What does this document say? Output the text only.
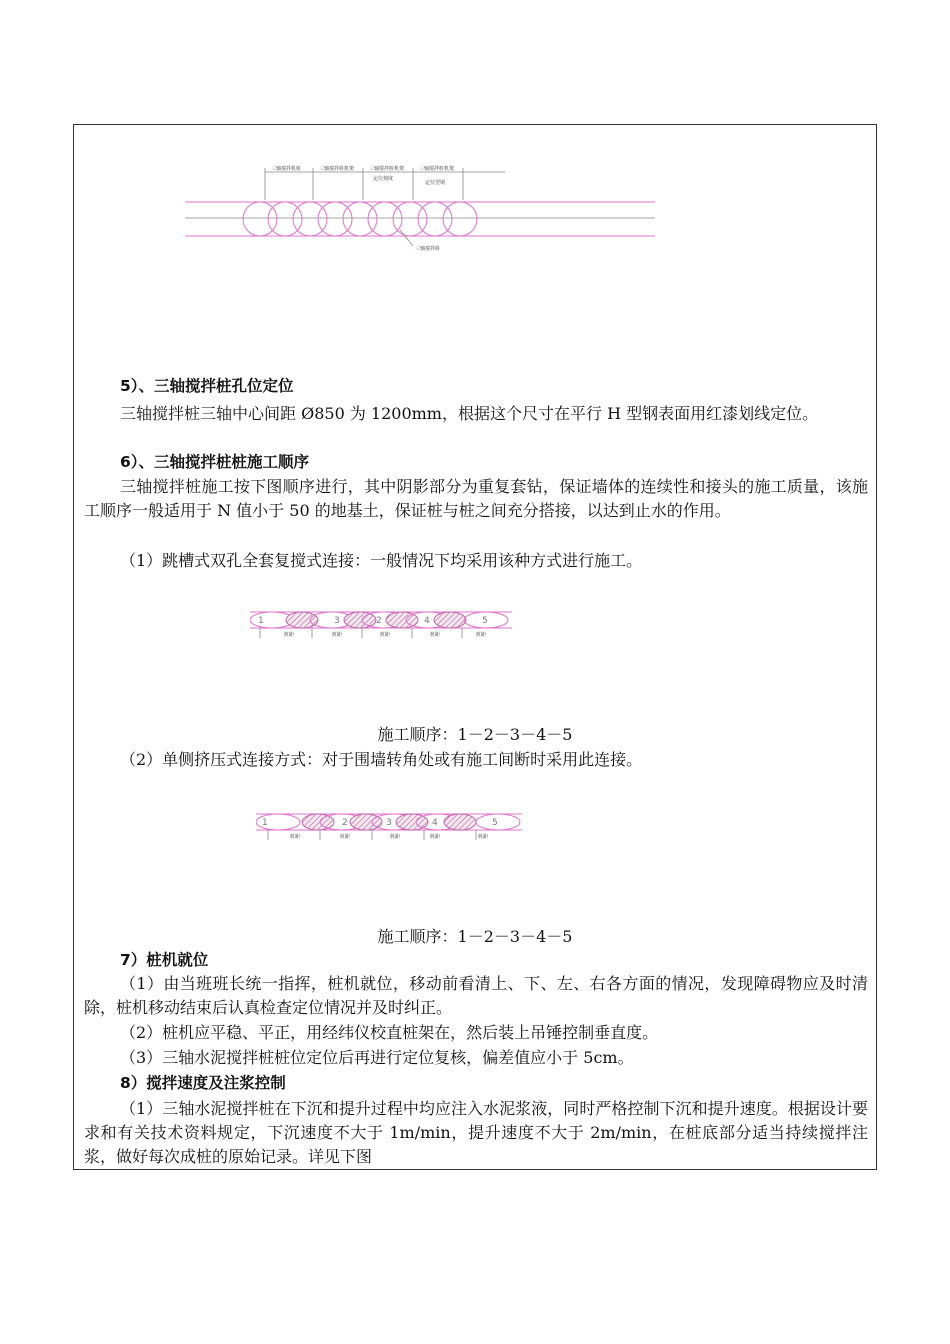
三轴搅拌机桩	三轴搅拌桩机架	三轴搅拌桩机架	三轴搅拌桩机架
定位刻度
定位型钢
三轴搅拌桩
5）、三轴搅拌桩孔位定位
三轴搅拌桩三轴中心间距 Ø850 为 1200mm，根据这个尺寸在平行 H 型钢表面用红漆划线定位。
6）、三轴搅拌桩桩施工顺序
三轴搅拌桩施工按下图顺序进行，其中阴影部分为重复套钻，保证墙体的连续性和接头的施工质量，该施工顺序一般适用于 N 值小于 50 的地基土，保证桩与桩之间充分搭接，以达到止水的作用。
（1）跳槽式双孔全套复搅式连接：一般情况下均采用该种方式进行施工。
1	3	2	4	5
桩距	桩距	桩距	桩距	桩距
施工顺序：1－2－3－4－5
（2）单侧挤压式连接方式：对于围墙转角处或有施工间断时采用此连接。
1	2	3	4	5
桩距	桩距	桩距	桩距	桩距
施工顺序：1－2－3－4－5
7）桩机就位
（1）由当班班长统一指挥，桩机就位，移动前看清上、下、左、右各方面的情况，发现障碍物应及时清除，桩机移动结束后认真检查定位情况并及时纠正。
（2）桩机应平稳、平正，用经纬仪校直桩架在，然后装上吊锤控制垂直度。
（3）三轴水泥搅拌桩桩位定位后再进行定位复核，偏差值应小于 5cm。
8）搅拌速度及注浆控制
（1）三轴水泥搅拌桩在下沉和提升过程中均应注入水泥浆液，同时严格控制下沉和提升速度。根据设计要求和有关技术资料规定，下沉速度不大于 1m/min，提升速度不大于 2m/min，在桩底部分适当持续搅拌注浆，做好每次成桩的原始记录。详见下图
